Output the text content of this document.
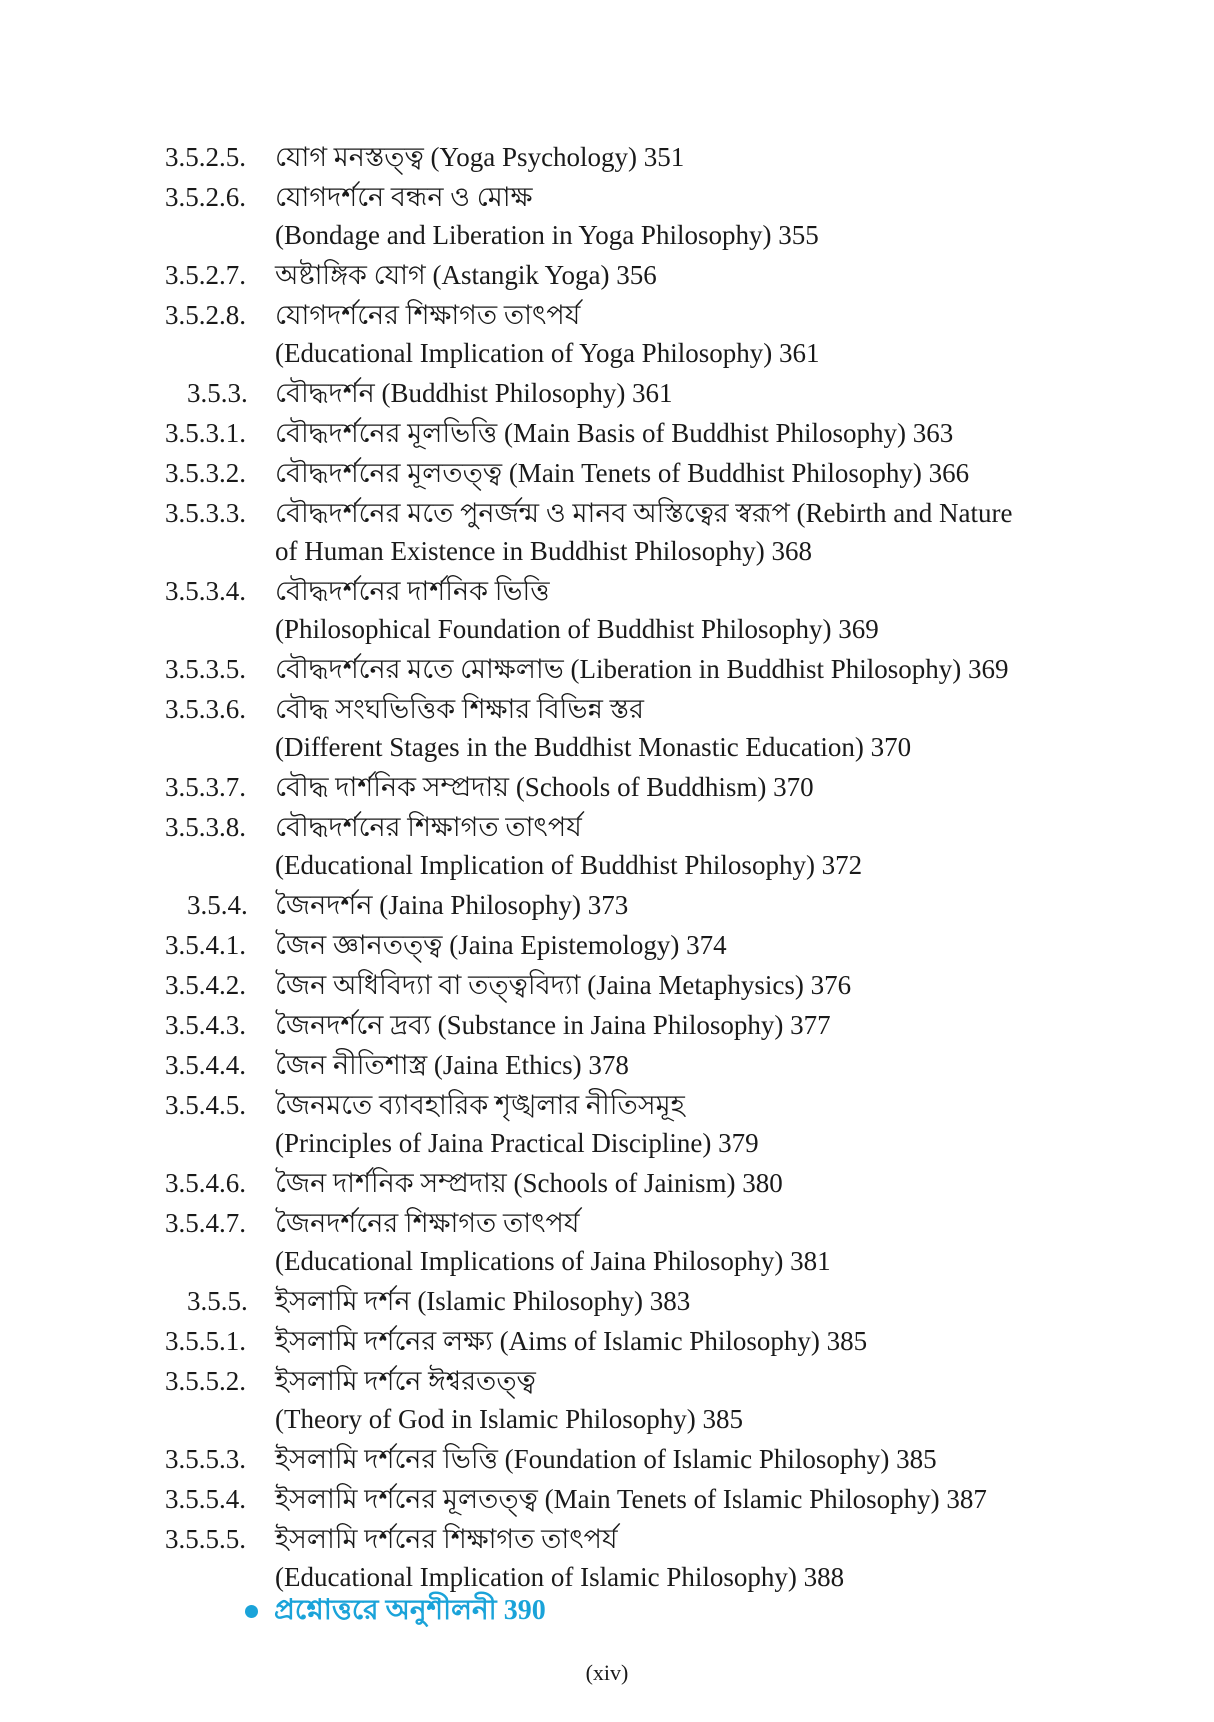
3.5.2.5.	যোগ মনস্তত্ত্ব (Yoga Psychology) 351
3.5.2.6.	যোগদর্শনে বন্ধন ও মোক্ষ
(Bondage and Liberation in Yoga Philosophy) 355
3.5.2.7.	অষ্টাঙ্গিক যোগ (Astangik Yoga) 356
3.5.2.8.	যোগদর্শনের শিক্ষাগত তাৎপর্য
(Educational Implication of Yoga Philosophy) 361
3.5.3.	বৌদ্ধদর্শন (Buddhist Philosophy) 361
3.5.3.1.	বৌদ্ধদর্শনের মূলভিত্তি (Main Basis of Buddhist Philosophy) 363
3.5.3.2.	বৌদ্ধদর্শনের মূলতত্ত্ব (Main Tenets of Buddhist Philosophy) 366
3.5.3.3.	বৌদ্ধদর্শনের মতে পুনর্জন্ম ও মানব অস্তিত্বের স্বরূপ (Rebirth and Nature
of Human Existence in Buddhist Philosophy) 368
3.5.3.4.	বৌদ্ধদর্শনের দার্শনিক ভিত্তি
(Philosophical Foundation of Buddhist Philosophy) 369
3.5.3.5.	বৌদ্ধদর্শনের মতে মোক্ষলাভ (Liberation in Buddhist Philosophy) 369
3.5.3.6.	বৌদ্ধ সংঘভিত্তিক শিক্ষার বিভিন্ন স্তর
(Different Stages in the Buddhist Monastic Education) 370
3.5.3.7.	বৌদ্ধ দার্শনিক সম্প্রদায় (Schools of Buddhism) 370
3.5.3.8.	বৌদ্ধদর্শনের শিক্ষাগত তাৎপর্য
(Educational Implication of Buddhist Philosophy) 372
3.5.4.	জৈনদর্শন (Jaina Philosophy) 373
3.5.4.1.	জৈন জ্ঞানতত্ত্ব (Jaina Epistemology) 374
3.5.4.2.	জৈন অধিবিদ্যা বা তত্ত্ববিদ্যা (Jaina Metaphysics) 376
3.5.4.3.	জৈনদর্শনে দ্রব্য (Substance in Jaina Philosophy) 377
3.5.4.4.	জৈন নীতিশাস্ত্র (Jaina Ethics) 378
3.5.4.5.	জৈনমতে ব্যাবহারিক শৃঙ্খলার নীতিসমূহ
(Principles of Jaina Practical Discipline) 379
3.5.4.6.	জৈন দার্শনিক সম্প্রদায় (Schools of Jainism) 380
3.5.4.7.	জৈনদর্শনের শিক্ষাগত তাৎপর্য
(Educational Implications of Jaina Philosophy) 381
3.5.5.	ইসলামি দর্শন (Islamic Philosophy) 383
3.5.5.1.	ইসলামি দর্শনের লক্ষ্য (Aims of Islamic Philosophy) 385
3.5.5.2.	ইসলামি দর্শনে ঈশ্বরতত্ত্ব
(Theory of God in Islamic Philosophy) 385
3.5.5.3.	ইসলামি দর্শনের ভিত্তি (Foundation of Islamic Philosophy) 385
3.5.5.4.	ইসলামি দর্শনের মূলতত্ত্ব (Main Tenets of Islamic Philosophy) 387
3.5.5.5.	ইসলামি দর্শনের শিক্ষাগত তাৎপর্য
(Educational Implication of Islamic Philosophy) 388
প্রশ্নোত্তরে অনুশীলনী 390
(xiv)
